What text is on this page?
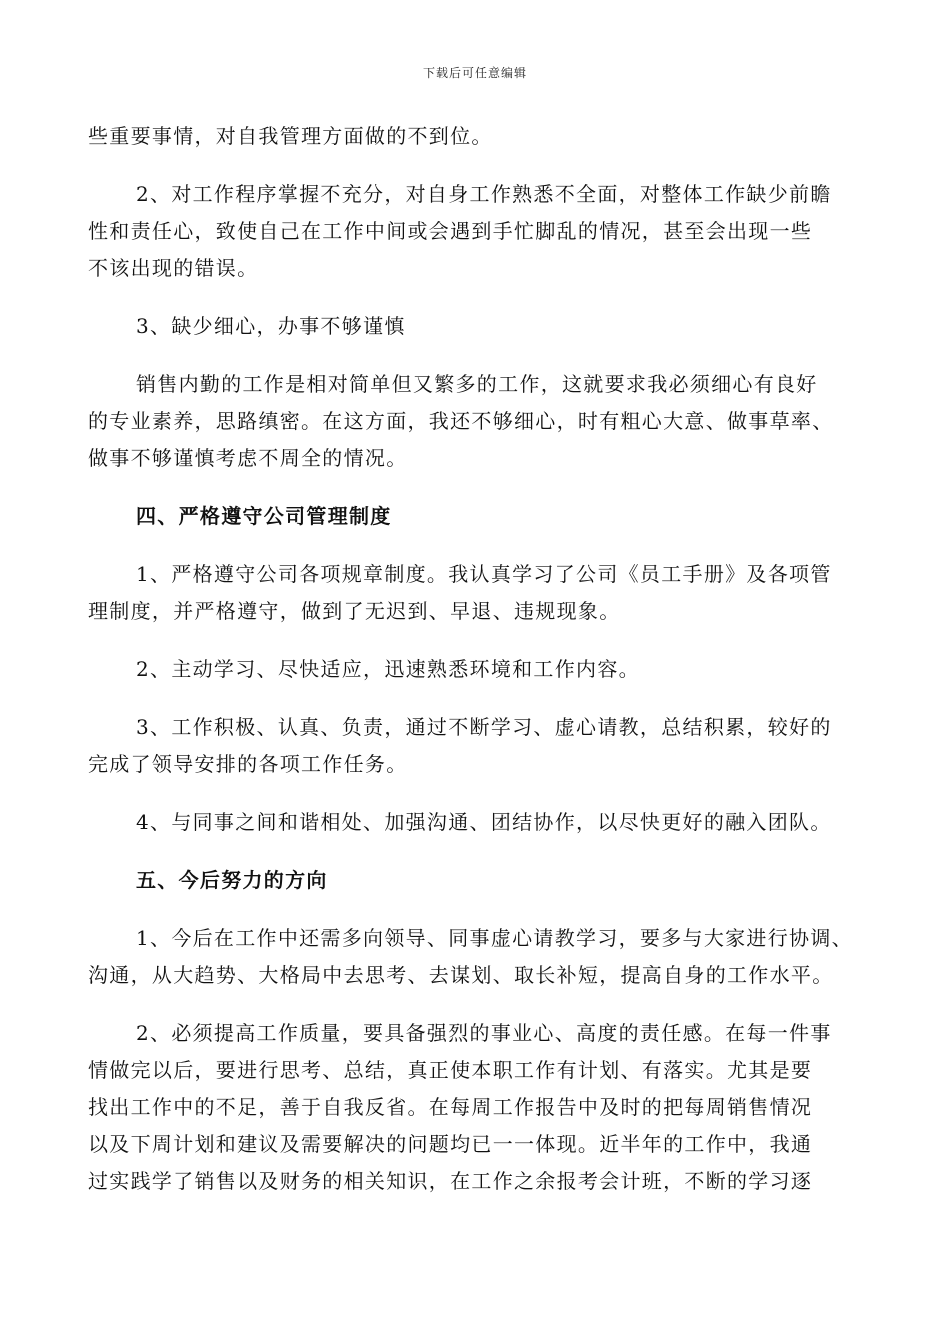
下载后可任意编辑
些重要事情，对自我管理方面做的不到位。
2、对工作程序掌握不充分，对自身工作熟悉不全面，对整体工作缺少前瞻
性和责任心，致使自己在工作中间或会遇到手忙脚乱的情况，甚至会出现一些
不该出现的错误。
3、缺少细心，办事不够谨慎
销售内勤的工作是相对简单但又繁多的工作，这就要求我必须细心有良好
的专业素养，思路缜密。在这方面，我还不够细心，时有粗心大意、做事草率、
做事不够谨慎考虑不周全的情况。
四、严格遵守公司管理制度
1、严格遵守公司各项规章制度。我认真学习了公司《员工手册》及各项管
理制度，并严格遵守，做到了无迟到、早退、违规现象。
2、主动学习、尽快适应，迅速熟悉环境和工作内容。
3、工作积极、认真、负责，通过不断学习、虚心请教，总结积累，较好的
完成了领导安排的各项工作任务。
4、与同事之间和谐相处、加强沟通、团结协作，以尽快更好的融入团队。
五、今后努力的方向
1、今后在工作中还需多向领导、同事虚心请教学习，要多与大家进行协调、
沟通，从大趋势、大格局中去思考、去谋划、取长补短，提高自身的工作水平。
2、必须提高工作质量，要具备强烈的事业心、高度的责任感。在每一件事
情做完以后，要进行思考、总结，真正使本职工作有计划、有落实。尤其是要
找出工作中的不足，善于自我反省。在每周工作报告中及时的把每周销售情况
以及下周计划和建议及需要解决的问题均已一一体现。近半年的工作中，我通
过实践学了销售以及财务的相关知识，在工作之余报考会计班，不断的学习逐
